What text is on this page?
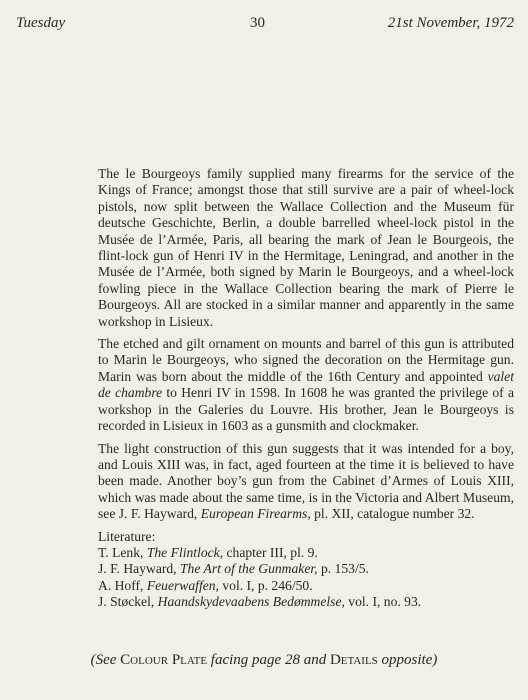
Tuesday	30	21st November, 1972

The le Bourgeoys family supplied many firearms for the service of the Kings of France; amongst those that still survive are a pair of wheel-lock pistols, now split between the Wallace Collection and the Museum für deutsche Geschichte, Berlin, a double barrelled wheel-lock pistol in the Musée de l’Armée, Paris, all bearing the mark of Jean le Bourgeois, the flint-lock gun of Henri IV in the Hermitage, Leningrad, and another in the Musée de l’Armée, both signed by Marin le Bourgeoys, and a wheel-lock fowling piece in the Wallace Collection bearing the mark of Pierre le Bourgeoys. All are stocked in a similar manner and apparently in the same workshop in Lisieux.

The etched and gilt ornament on mounts and barrel of this gun is attributed to Marin le Bourgeoys, who signed the decoration on the Hermitage gun. Marin was born about the middle of the 16th Century and appointed valet de chambre to Henri IV in 1598. In 1608 he was granted the privilege of a workshop in the Galeries du Louvre. His brother, Jean le Bourgeoys is recorded in Lisieux in 1603 as a gunsmith and clockmaker.

The light construction of this gun suggests that it was intended for a boy, and Louis XIII was, in fact, aged fourteen at the time it is believed to have been made. Another boy’s gun from the Cabinet d’Armes of Louis XIII, which was made about the same time, is in the Victoria and Albert Museum, see J. F. Hayward, European Firearms, pl. XII, catalogue number 32.

Literature:
T. Lenk, The Flintlock, chapter III, pl. 9.
J. F. Hayward, The Art of the Gunmaker, p. 153/5.
A. Hoff, Feuerwaffen, vol. I, p. 246/50.
J. Støckel, Haandskydevaabens Bedømmelse, vol. I, no. 93.
(See Colour Plate facing page 28 and Details opposite)
